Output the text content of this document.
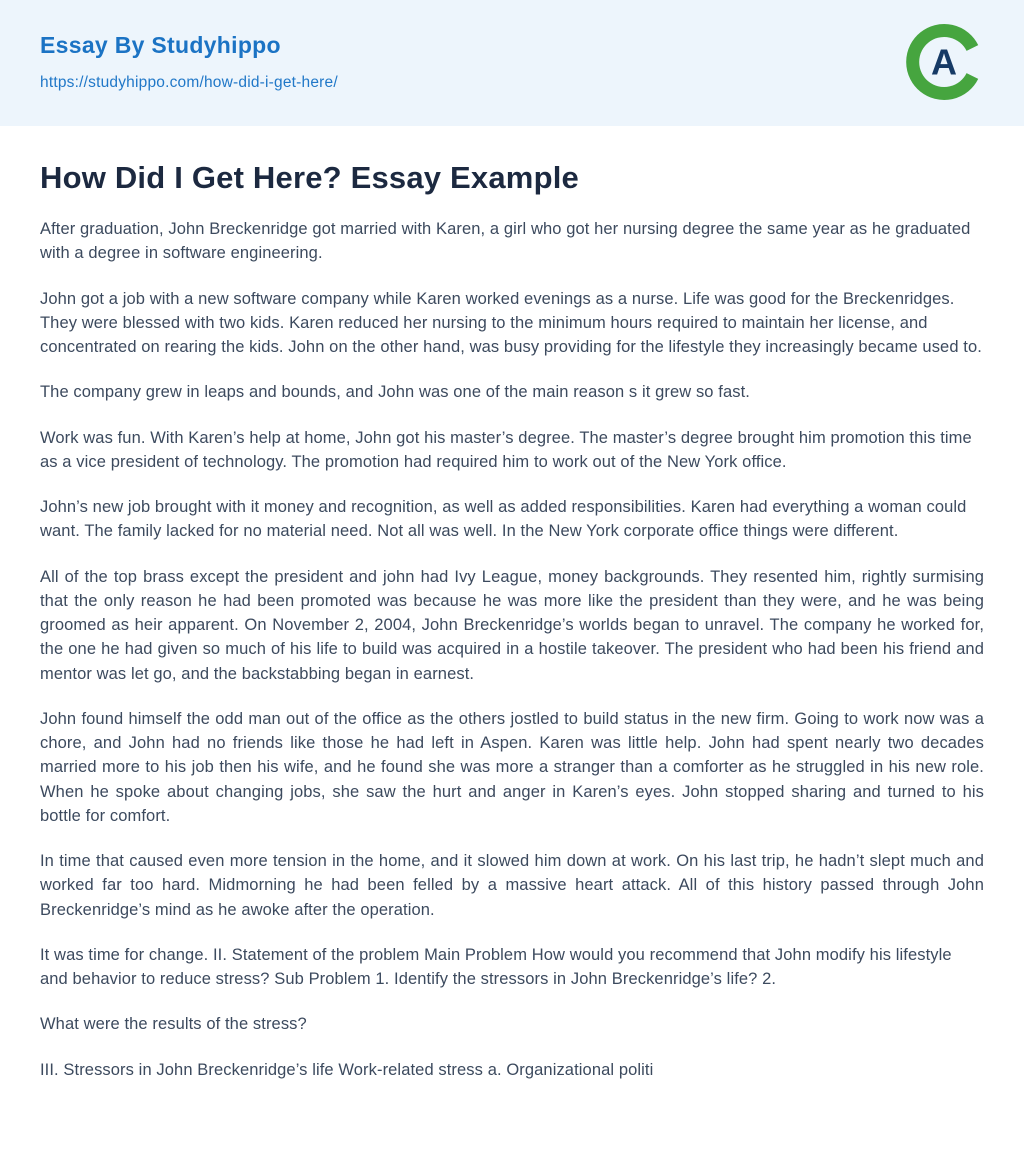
Essay By Studyhippo
https://studyhippo.com/how-did-i-get-here/	A
How Did I Get Here? Essay Example

After graduation, John Breckenridge got married with Karen, a girl who got her nursing degree the same year as he graduated with a degree in software engineering.

John got a job with a new software company while Karen worked evenings as a nurse. Life was good for the Breckenridges. They were blessed with two kids. Karen reduced her nursing to the minimum hours required to maintain her license, and concentrated on rearing the kids. John on the other hand, was busy providing for the lifestyle they increasingly became used to.

The company grew in leaps and bounds, and John was one of the main reason s it grew so fast.

Work was fun. With Karen’s help at home, John got his master’s degree. The master’s degree brought him promotion this time as a vice president of technology. The promotion had required him to work out of the New York office.

John’s new job brought with it money and recognition, as well as added responsibilities. Karen had everything a woman could want. The family lacked for no material need. Not all was well. In the New York corporate office things were different.

All of the top brass except the president and john had Ivy League, money backgrounds. They resented him, rightly surmising that the only reason he had been promoted was because he was more like the president than they were, and he was being groomed as heir apparent. On November 2, 2004, John Breckenridge’s worlds began to unravel. The company he worked for, the one he had given so much of his life to build was acquired in a hostile takeover. The president who had been his friend and mentor was let go, and the backstabbing began in earnest.

John found himself the odd man out of the office as the others jostled to build status in the new firm. Going to work now was a chore, and John had no friends like those he had left in Aspen. Karen was little help. John had spent nearly two decades married more to his job then his wife, and he found she was more a stranger than a comforter as he struggled in his new role. When he spoke about changing jobs, she saw the hurt and anger in Karen’s eyes. John stopped sharing and turned to his bottle for comfort.

In time that caused even more tension in the home, and it slowed him down at work. On his last trip, he hadn’t slept much and worked far too hard. Midmorning he had been felled by a massive heart attack. All of this history passed through John Breckenridge’s mind as he awoke after the operation.

It was time for change. II. Statement of the problem Main Problem How would you recommend that John modify his lifestyle and behavior to reduce stress? Sub Problem 1. Identify the stressors in John Breckenridge’s life? 2.

What were the results of the stress?

III. Stressors in John Breckenridge’s life Work-related stress a. Organizational politi
